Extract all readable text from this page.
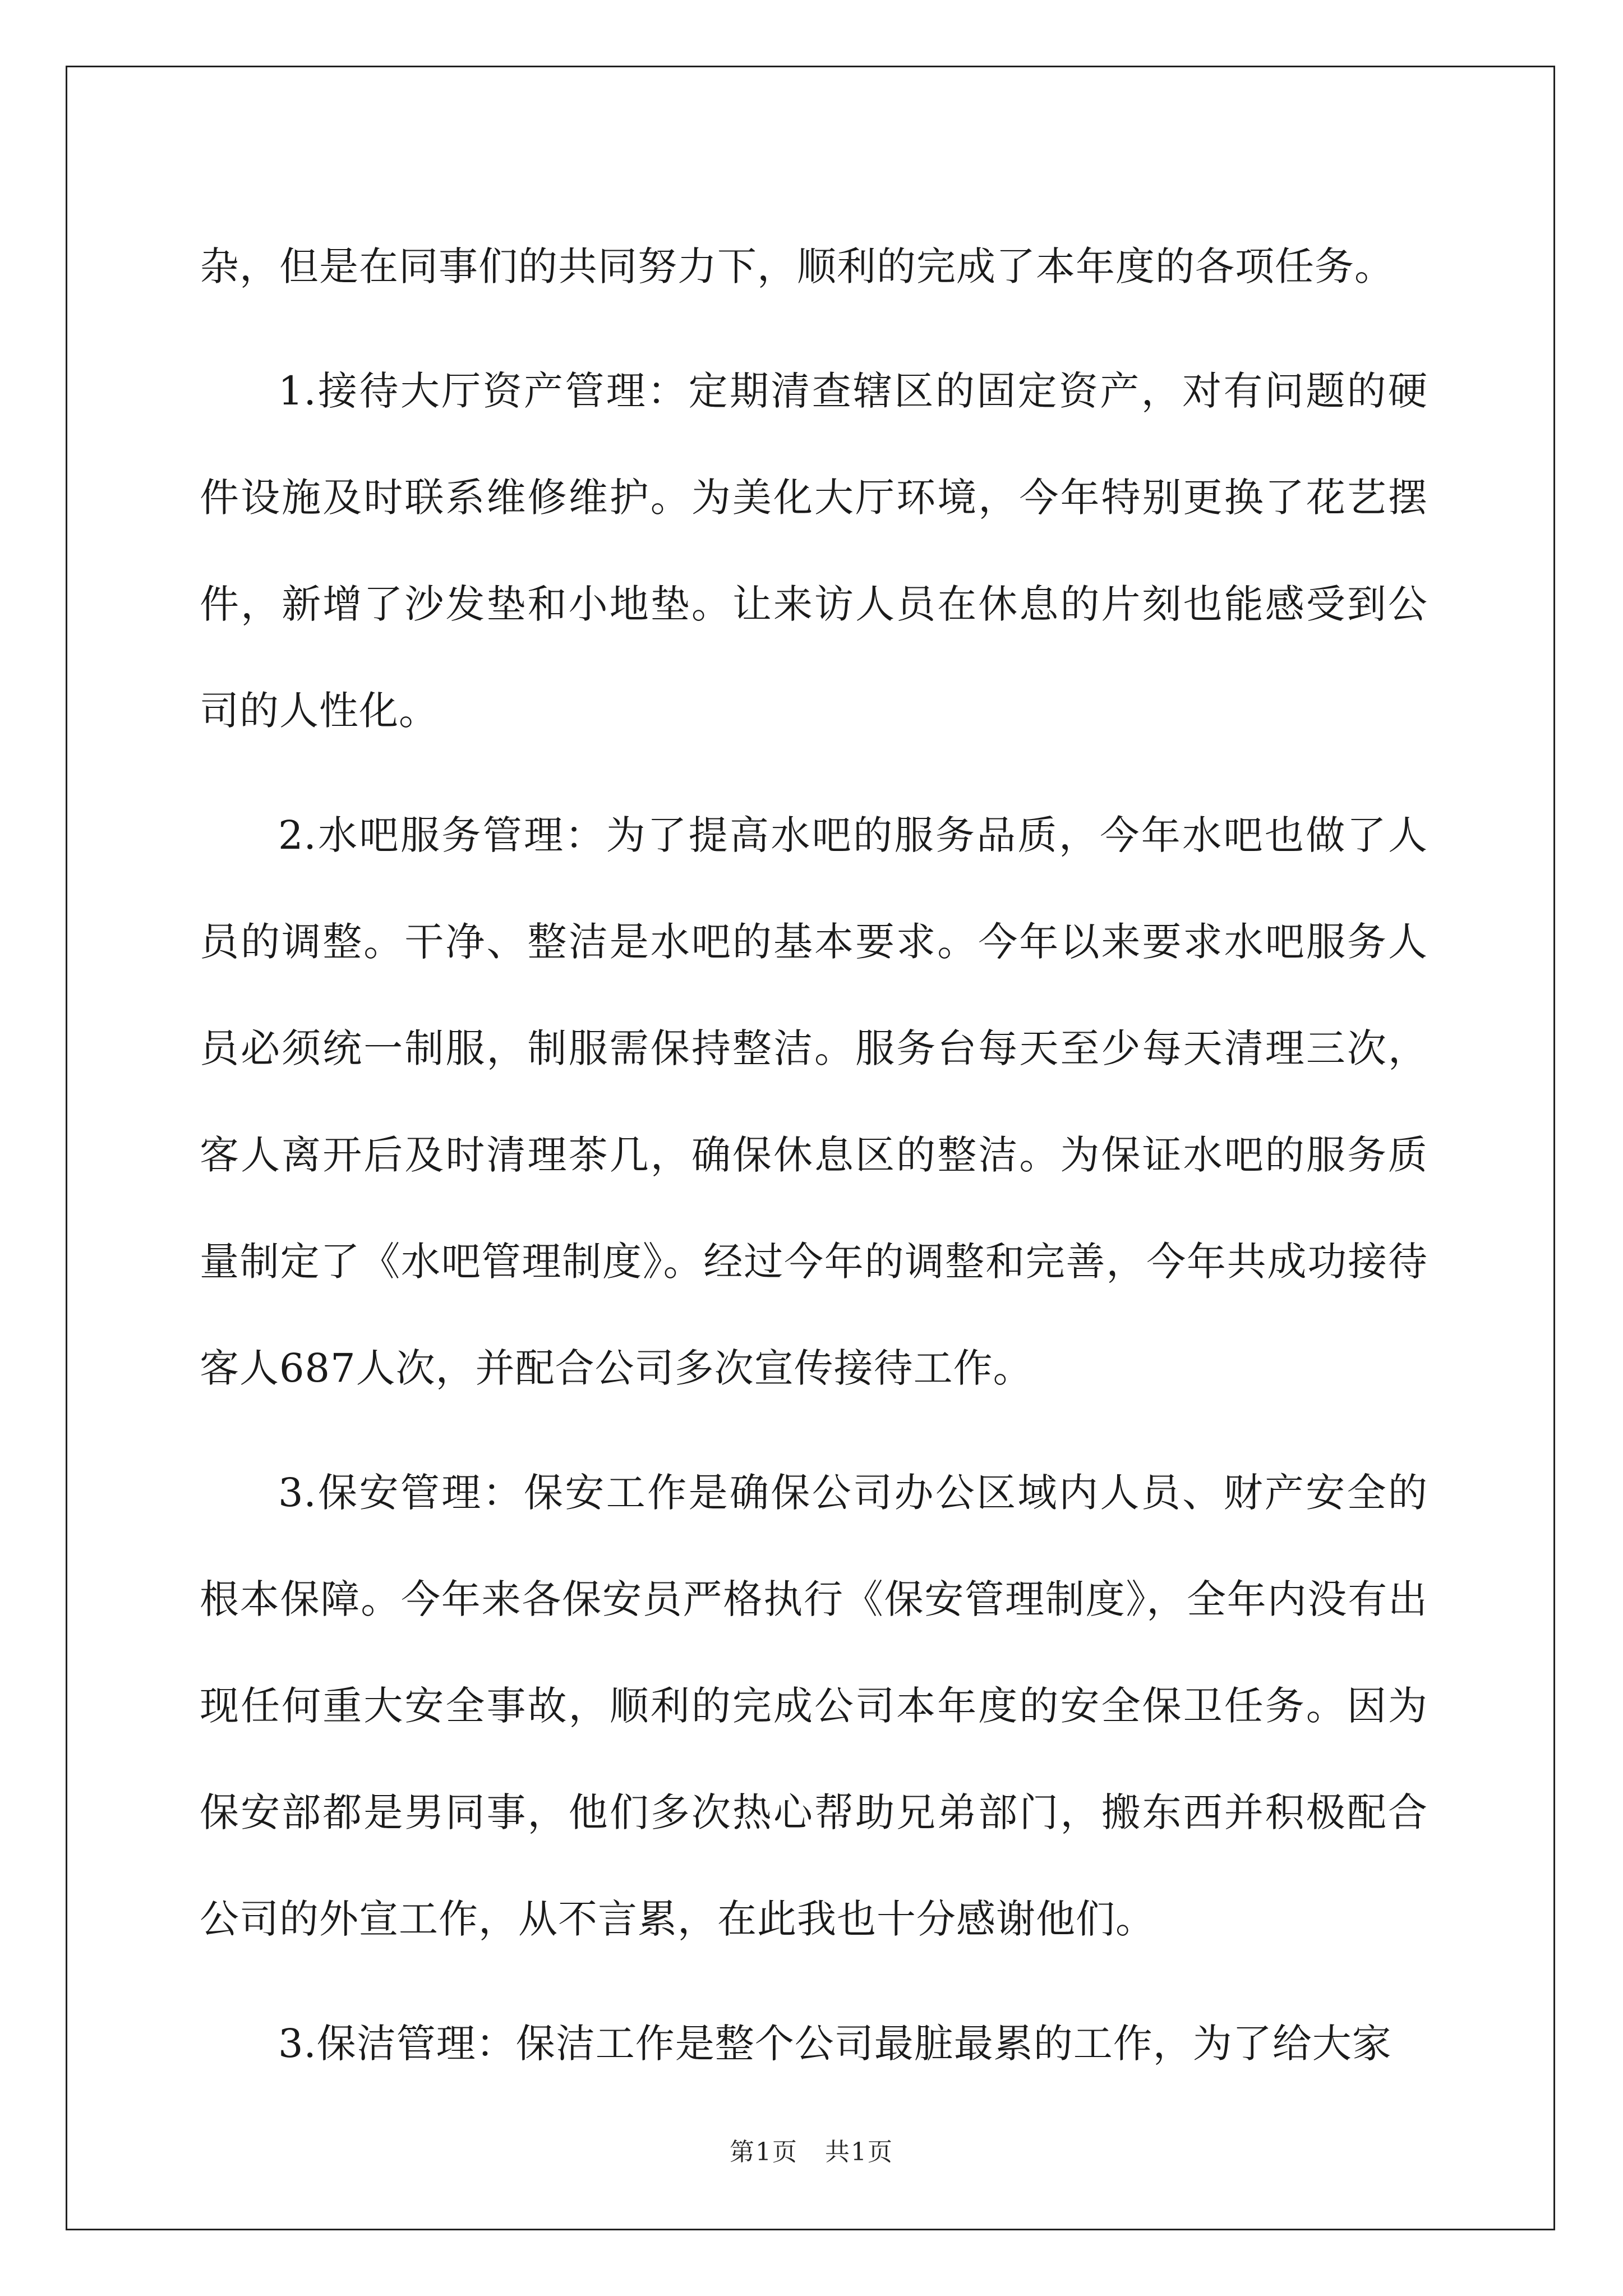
杂，但是在同事们的共同努力下，顺利的完成了本年度的各项任务。

1.接待大厅资产管理：定期清查辖区的固定资产，对有问题的硬件设施及时联系维修维护。为美化大厅环境，今年特别更换了花艺摆件，新增了沙发垫和小地垫。让来访人员在休息的片刻也能感受到公司的人性化。

2.水吧服务管理：为了提高水吧的服务品质，今年水吧也做了人员的调整。干净、整洁是水吧的基本要求。今年以来要求水吧服务人员必须统一制服，制服需保持整洁。服务台每天至少每天清理三次，客人离开后及时清理茶几，确保休息区的整洁。为保证水吧的服务质量制定了《水吧管理制度》。经过今年的调整和完善，今年共成功接待客人687人次，并配合公司多次宣传接待工作。

3.保安管理：保安工作是确保公司办公区域内人员、财产安全的根本保障。今年来各保安员严格执行《保安管理制度》，全年内没有出现任何重大安全事故，顺利的完成公司本年度的安全保卫任务。因为保安部都是男同事，他们多次热心帮助兄弟部门，搬东西并积极配合公司的外宣工作，从不言累，在此我也十分感谢他们。

3.保洁管理：保洁工作是整个公司最脏最累的工作，为了给大家

第1页 共1页
